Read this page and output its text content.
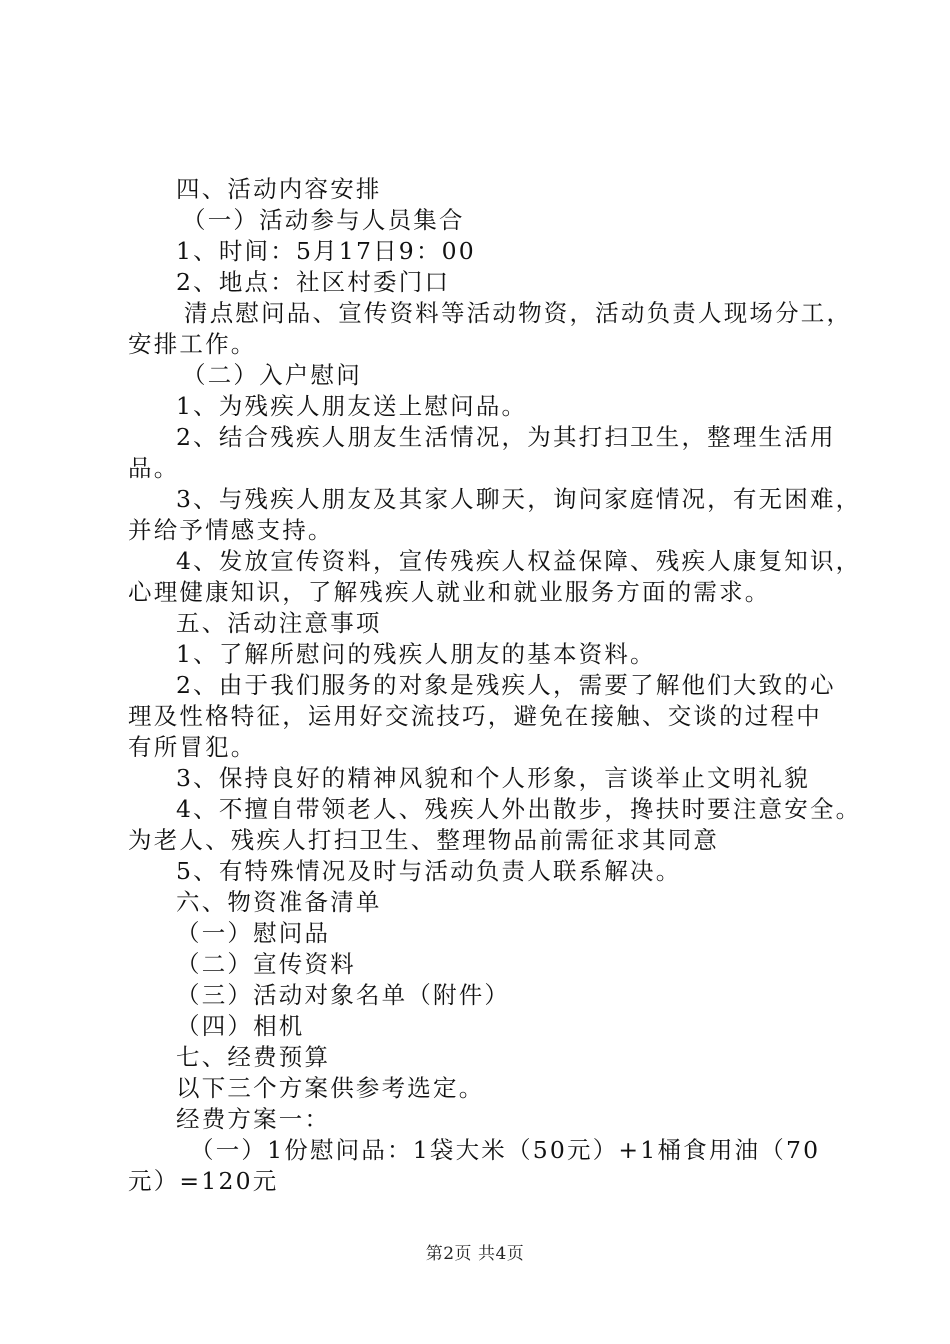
四、活动内容安排
（一）活动参与人员集合
1、时间：5月17日9：00
2、地点：社区村委门口
清点慰问品、宣传资料等活动物资，活动负责人现场分工，
安排工作。
（二）入户慰问
1、为残疾人朋友送上慰问品。
2、结合残疾人朋友生活情况，为其打扫卫生，整理生活用
品。
3、与残疾人朋友及其家人聊天，询问家庭情况，有无困难，
并给予情感支持。
4、发放宣传资料，宣传残疾人权益保障、残疾人康复知识，
心理健康知识，了解残疾人就业和就业服务方面的需求。
五、活动注意事项
1、了解所慰问的残疾人朋友的基本资料。
2、由于我们服务的对象是残疾人，需要了解他们大致的心
理及性格特征，运用好交流技巧，避免在接触、交谈的过程中
有所冒犯。
3、保持良好的精神风貌和个人形象，言谈举止文明礼貌
4、不擅自带领老人、残疾人外出散步，搀扶时要注意安全。
为老人、残疾人打扫卫生、整理物品前需征求其同意
5、有特殊情况及时与活动负责人联系解决。
六、物资准备清单
（一）慰问品
（二）宣传资料
（三）活动对象名单（附件）
（四）相机
七、经费预算
以下三个方案供参考选定。
经费方案一：
（一）1份慰问品：1袋大米（50元）+1桶食用油（70
元）=120元
第2页 共4页
